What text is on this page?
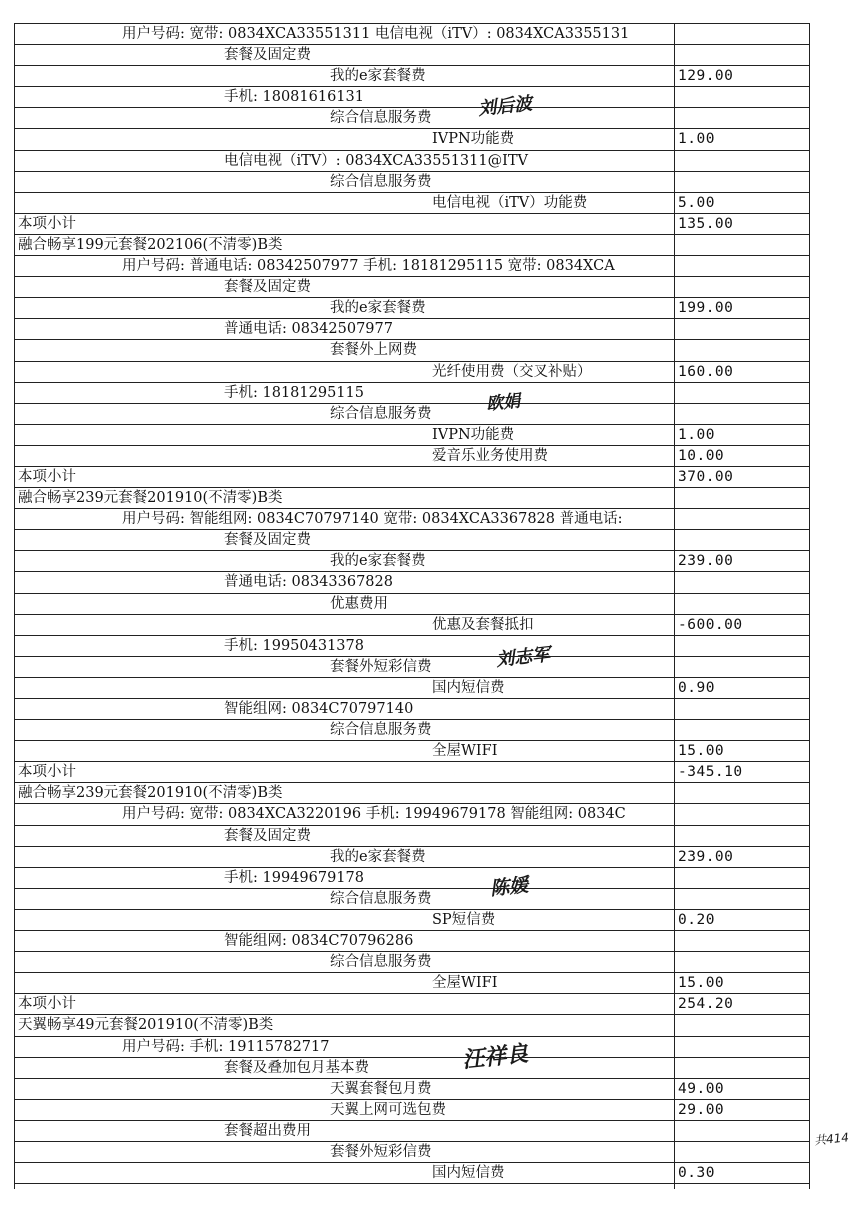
用户号码: 宽带: 0834XCA33551311 电信电视（iTV）: 0834XCA3355131
套餐及固定费
我的e家套餐费	129.00
手机: 18081616131
综合信息服务费
IVPN功能费	1.00
电信电视（iTV）: 0834XCA33551311@ITV
综合信息服务费
电信电视（iTV）功能费	5.00
本项小计	135.00
融合畅享199元套餐202106(不清零)B类
用户号码: 普通电话: 08342507977 手机: 18181295115 宽带: 0834XCA
套餐及固定费
我的e家套餐费	199.00
普通电话: 08342507977
套餐外上网费
光纤使用费（交叉补贴）	160.00
手机: 18181295115
综合信息服务费
IVPN功能费	1.00
爱音乐业务使用费	10.00
本项小计	370.00
融合畅享239元套餐201910(不清零)B类
用户号码: 智能组网: 0834C70797140 宽带: 0834XCA3367828 普通电话:
套餐及固定费
我的e家套餐费	239.00
普通电话: 08343367828
优惠费用
优惠及套餐抵扣	-600.00
手机: 19950431378
套餐外短彩信费
国内短信费	0.90
智能组网: 0834C70797140
综合信息服务费
全屋WIFI	15.00
本项小计	-345.10
融合畅享239元套餐201910(不清零)B类
用户号码: 宽带: 0834XCA3220196 手机: 19949679178 智能组网: 0834C
套餐及固定费
我的e家套餐费	239.00
手机: 19949679178
综合信息服务费
SP短信费	0.20
智能组网: 0834C70796286
综合信息服务费
全屋WIFI	15.00
本项小计	254.20
天翼畅享49元套餐201910(不清零)B类
用户号码: 手机: 19115782717
套餐及叠加包月基本费
天翼套餐包月费	49.00
天翼上网可选包费	29.00
套餐超出费用
套餐外短彩信费
国内短信费	0.30
刘后波
欧娟
刘志军
陈媛
汪祥良
共414
